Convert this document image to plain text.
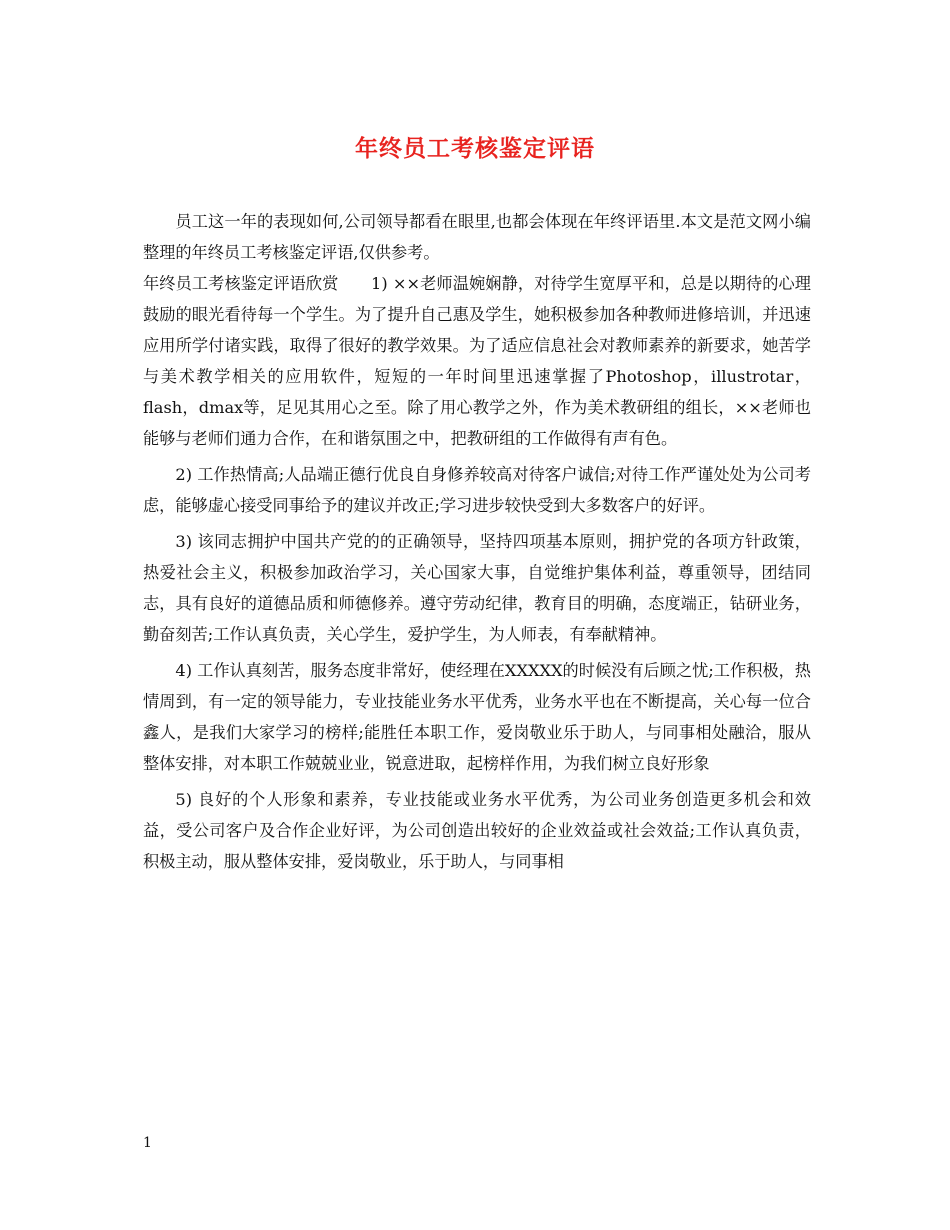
年终员工考核鉴定评语

员工这一年的表现如何,公司领导都看在眼里,也都会体现在年终评语里.本文是范文网小编整理的年终员工考核鉴定评语,仅供参考。

年终员工考核鉴定评语欣赏　　1) ××老师温婉娴静，对待学生宽厚平和，总是以期待的心理鼓励的眼光看待每一个学生。为了提升自己惠及学生，她积极参加各种教师进修培训，并迅速应用所学付诸实践，取得了很好的教学效果。为了适应信息社会对教师素养的新要求，她苦学与美术教学相关的应用软件，短短的一年时间里迅速掌握了Photoshop，illustrotar，flash，dmax等，足见其用心之至。除了用心教学之外，作为美术教研组的组长，××老师也能够与老师们通力合作，在和谐氛围之中，把教研组的工作做得有声有色。

2) 工作热情高;人品端正德行优良自身修养较高对待客户诚信;对待工作严谨处处为公司考虑，能够虚心接受同事给予的建议并改正;学习进步较快受到大多数客户的好评。

3) 该同志拥护中国共产党的的正确领导，坚持四项基本原则，拥护党的各项方针政策，热爱社会主义，积极参加政治学习，关心国家大事，自觉维护集体利益，尊重领导，团结同志，具有良好的道德品质和师德修养。遵守劳动纪律，教育目的明确，态度端正，钻研业务，勤奋刻苦;工作认真负责，关心学生，爱护学生，为人师表，有奉献精神。

4) 工作认真刻苦，服务态度非常好，使经理在XXXXX的时候没有后顾之忧;工作积极，热情周到，有一定的领导能力，专业技能业务水平优秀，业务水平也在不断提高，关心每一位合鑫人，是我们大家学习的榜样;能胜任本职工作，爱岗敬业乐于助人，与同事相处融洽，服从整体安排，对本职工作兢兢业业，锐意进取，起榜样作用，为我们树立良好形象

5) 良好的个人形象和素养，专业技能或业务水平优秀，为公司业务创造更多机会和效益，受公司客户及合作企业好评，为公司创造出较好的企业效益或社会效益;工作认真负责，积极主动，服从整体安排，爱岗敬业，乐于助人，与同事相

1
